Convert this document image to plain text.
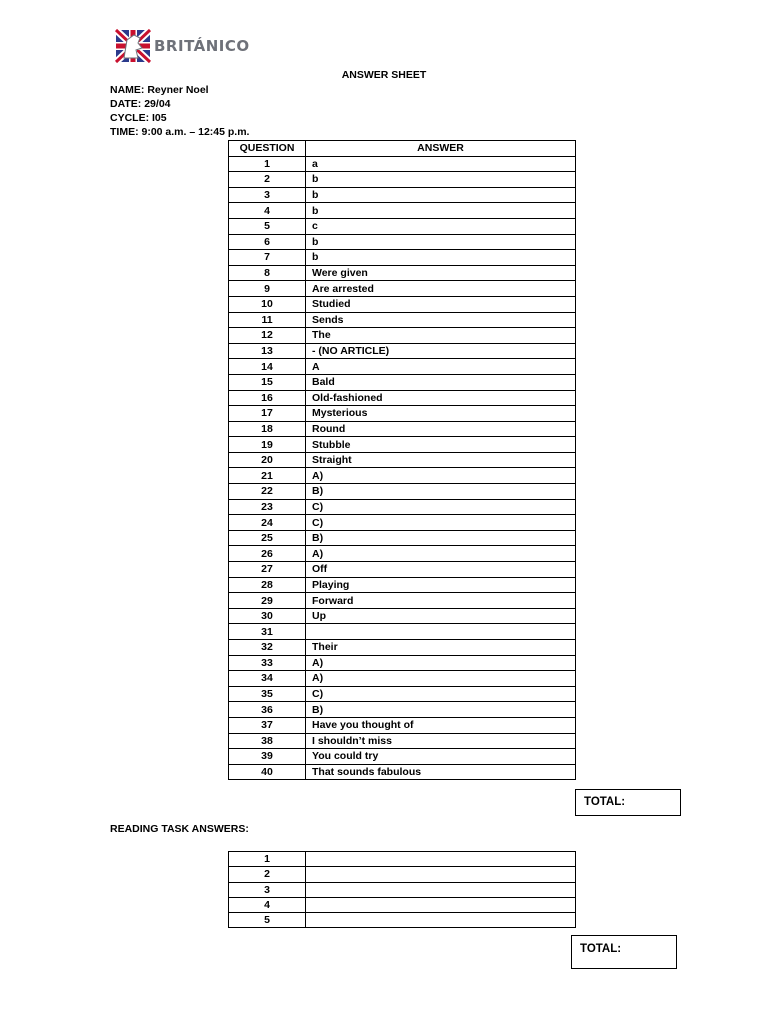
BRITÁNICO
ANSWER SHEET
NAME: Reyner Noel
DATE: 29/04
CYCLE: I05
TIME: 9:00 a.m. – 12:45 p.m.
QUESTION	ANSWER
1	a
2	b
3	b
4	b
5	c
6	b
7	b
8	Were given
9	Are arrested
10	Studied
11	Sends
12	The
13	- (NO ARTICLE)
14	A
15	Bald
16	Old-fashioned
17	Mysterious
18	Round
19	Stubble
20	Straight
21	A)
22	B)
23	C)
24	C)
25	B)
26	A)
27	Off
28	Playing
29	Forward
30	Up
31	
32	Their
33	A)
34	A)
35	C)
36	B)
37	Have you thought of
38	I shouldn’t miss
39	You could try
40	That sounds fabulous
TOTAL:
READING TASK ANSWERS:
1	
2	
3	
4	
5	
TOTAL:
